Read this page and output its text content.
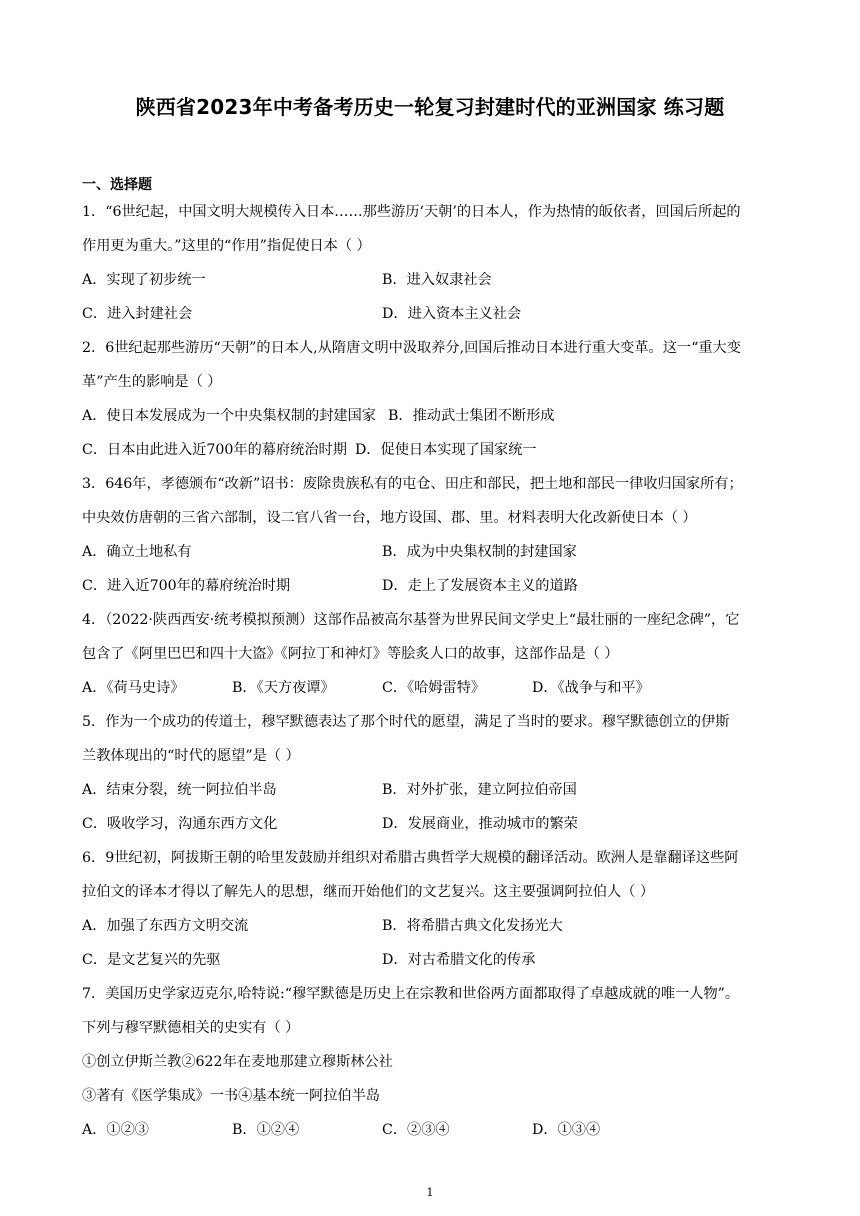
陕西省2023年中考备考历史一轮复习封建时代的亚洲国家 练习题
一、选择题
1．“6世纪起，中国文明大规模传入日本……那些游历‘天朝’的日本人，作为热情的皈依者，回国后所起的
作用更为重大。”这里的“作用”指促使日本（ ）
A．实现了初步统一	B．进入奴隶社会
C．进入封建社会	D．进入资本主义社会
2．6世纪起那些游历“天朝”的日本人,从隋唐文明中汲取养分,回国后推动日本进行重大变革。这一“重大变
革”产生的影响是（ ）
A．使日本发展成为一个中央集权制的封建国家 B．推动武士集团不断形成
C．日本由此进入近700年的幕府统治时期 D．促使日本实现了国家统一
3．646年，孝德颁布“改新”诏书：废除贵族私有的屯仓、田庄和部民，把土地和部民一律收归国家所有；
中央效仿唐朝的三省六部制，设二官八省一台，地方设国、郡、里。材料表明大化改新使日本（ ）
A．确立土地私有	B．成为中央集权制的封建国家
C．进入近700年的幕府统治时期	D．走上了发展资本主义的道路
4．（2022·陕西西安·统考模拟预测）这部作品被高尔基誉为世界民间文学史上“最壮丽的一座纪念碑”，它
包含了《阿里巴巴和四十大盗》《阿拉丁和神灯》等脍炙人口的故事，这部作品是（ ）
A．《荷马史诗》	B．《天方夜谭》	C．《哈姆雷特》	D．《战争与和平》
5．作为一个成功的传道士，穆罕默德表达了那个时代的愿望，满足了当时的要求。穆罕默德创立的伊斯
兰教体现出的“时代的愿望”是（ ）
A．结束分裂，统一阿拉伯半岛	B．对外扩张，建立阿拉伯帝国
C．吸收学习，沟通东西方文化	D．发展商业，推动城市的繁荣
6．9世纪初，阿拔斯王朝的哈里发鼓励并组织对希腊古典哲学大规模的翻译活动。欧洲人是靠翻译这些阿
拉伯文的译本才得以了解先人的思想，继而开始他们的文艺复兴。这主要强调阿拉伯人（ ）
A．加强了东西方文明交流	B．将希腊古典文化发扬光大
C．是文艺复兴的先驱	D．对古希腊文化的传承
7．美国历史学家迈克尔,哈特说:“穆罕默德是历史上在宗教和世俗两方面都取得了卓越成就的唯一人物”。
下列与穆罕默德相关的史实有（ ）
①创立伊斯兰教②622年在麦地那建立穆斯林公社
③著有《医学集成》一书④基本统一阿拉伯半岛
A．①②③	B．①②④	C．②③④	D．①③④
1
